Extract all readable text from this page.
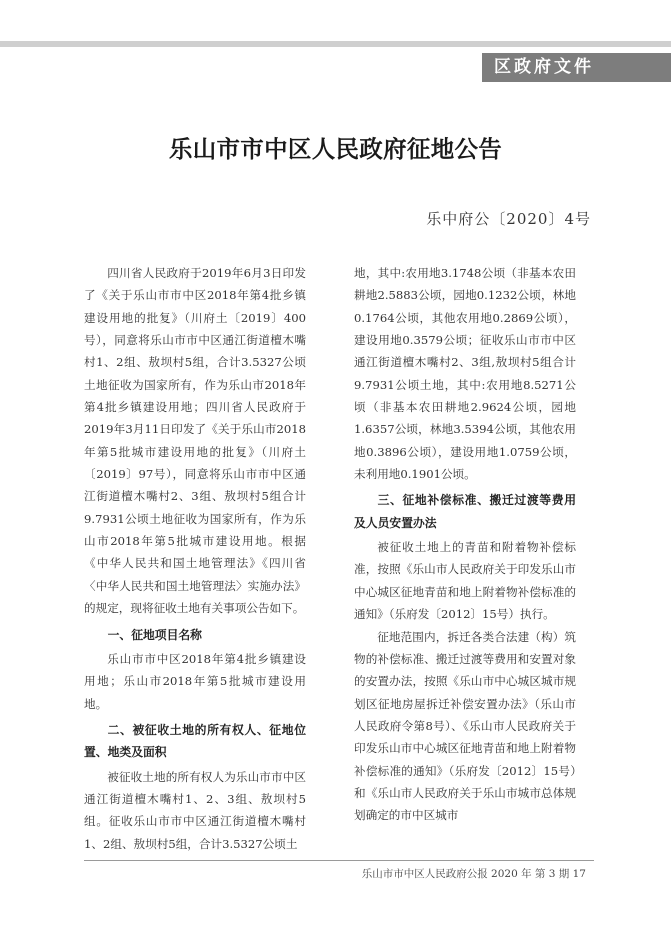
区政府文件
乐山市市中区人民政府征地公告
乐中府公〔2020〕4号

四川省人民政府于2019年6月3日印发了《关于乐山市市中区2018年第4批乡镇建设用地的批复》（川府土〔2019〕400号），同意将乐山市市中区通江街道檀木嘴村1、2组、敖坝村5组，合计3.5327公顷土地征收为国家所有，作为乐山市2018年第4批乡镇建设用地；四川省人民政府于2019年3月11日印发了《关于乐山市2018年第5批城市建设用地的批复》（川府土〔2019〕97号），同意将乐山市市中区通江街道檀木嘴村2、3组、敖坝村5组合计9.7931公顷土地征收为国家所有，作为乐山市2018年第5批城市建设用地。根据《中华人民共和国土地管理法》《四川省〈中华人民共和国土地管理法〉实施办法》的规定，现将征收土地有关事项公告如下。

一、征地项目名称

乐山市市中区2018年第4批乡镇建设用地；乐山市2018年第5批城市建设用地。

二、被征收土地的所有权人、征地位置、地类及面积

被征收土地的所有权人为乐山市市中区通江街道檀木嘴村1、2、3组、敖坝村5组。征收乐山市市中区通江街道檀木嘴村1、2组、敖坝村5组，合计3.5327公顷土

地，其中:农用地3.1748公顷（非基本农田耕地2.5883公顷，园地0.1232公顷，林地0.1764公顷，其他农用地0.2869公顷），建设用地0.3579公顷；征收乐山市市中区通江街道檀木嘴村2、3组,敖坝村5组合计9.7931公顷土地，其中:农用地8.5271公顷（非基本农田耕地2.9624公顷，园地1.6357公顷，林地3.5394公顷，其他农用地0.3896公顷），建设用地1.0759公顷，未利用地0.1901公顷。

三、征地补偿标准、搬迁过渡等费用及人员安置办法

被征收土地上的青苗和附着物补偿标准，按照《乐山市人民政府关于印发乐山市中心城区征地青苗和地上附着物补偿标准的通知》（乐府发〔2012〕15号）执行。

征地范围内，拆迁各类合法建（构）筑物的补偿标准、搬迁过渡等费用和安置对象的安置办法，按照《乐山市中心城区城市规划区征地房屋拆迁补偿安置办法》（乐山市人民政府令第8号）、《乐山市人民政府关于印发乐山市中心城区征地青苗和地上附着物补偿标准的通知》（乐府发〔2012〕15号）和《乐山市人民政府关于乐山市城市总体规划确定的市中区城市

乐山市市中区人民政府公报 2020 年 第 3 期 17
